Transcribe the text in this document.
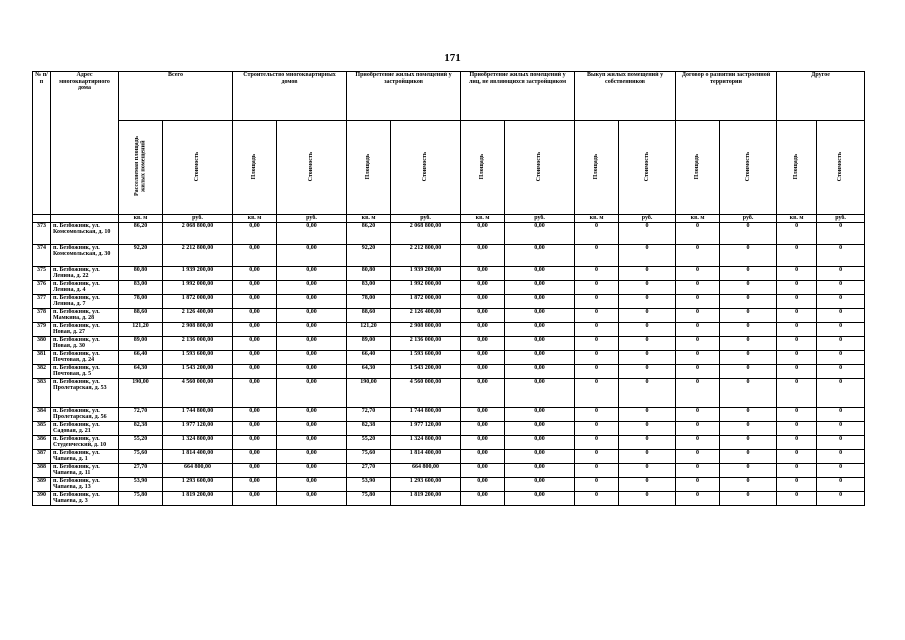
171
№ п/п	Адрес многоквартирного дома	Всего		Строительство многоквартирных домов		Приобретение жилых помещений у застройщиков		Приобретение жилых помещений у лиц, не являющихся застройщиком		Выкуп жилых помещений у собственников		Договор о развитии застроенной территории		Другое	
		Расселяемая площадь жилых помещений	Стоимость	Площадь	Стоимость	Площадь	Стоимость	Площадь	Стоимость	Площадь	Стоимость	Площадь	Стоимость	Площадь	Стоимость
		кв. м	руб.	кв. м	руб.	кв. м	руб.	кв. м	руб.	кв. м	руб.	кв. м	руб.	кв. м	руб.
373	п. Безбожник, ул. Комсомольская, д. 10	86,20	2 068 800,00	0,00	0,00	86,20	2 068 800,00	0,00	0,00	0	0	0	0	0	0
374	п. Безбожник, ул. Комсомольская, д. 30	92,20	2 212 800,00	0,00	0,00	92,20	2 212 800,00	0,00	0,00	0	0	0	0	0	0
375	п. Безбожник, ул. Ленина, д. 22	80,80	1 939 200,00	0,00	0,00	80,80	1 939 200,00	0,00	0,00	0	0	0	0	0	0
376	п. Безбожник, ул. Ленина, д. 4	83,00	1 992 000,00	0,00	0,00	83,00	1 992 000,00	0,00	0,00	0	0	0	0	0	0
377	п. Безбожник, ул. Ленина, д. 7	78,00	1 872 000,00	0,00	0,00	78,00	1 872 000,00	0,00	0,00	0	0	0	0	0	0
378	п. Безбожник, ул. Мамкина, д. 28	88,60	2 126 400,00	0,00	0,00	88,60	2 126 400,00	0,00	0,00	0	0	0	0	0	0
379	п. Безбожник, ул. Новая, д. 27	121,20	2 908 800,00	0,00	0,00	121,20	2 908 800,00	0,00	0,00	0	0	0	0	0	0
380	п. Безбожник, ул. Новая, д. 30	89,00	2 136 000,00	0,00	0,00	89,00	2 136 000,00	0,00	0,00	0	0	0	0	0	0
381	п. Безбожник, ул. Почтовая, д. 24	66,40	1 593 600,00	0,00	0,00	66,40	1 593 600,00	0,00	0,00	0	0	0	0	0	0
382	п. Безбожник, ул. Почтовая, д. 5	64,30	1 543 200,00	0,00	0,00	64,30	1 543 200,00	0,00	0,00	0	0	0	0	0	0
383	п. Безбожник, ул. Пролетарская, д. 53	190,00	4 560 000,00	0,00	0,00	190,00	4 560 000,00	0,00	0,00	0	0	0	0	0	0
384	п. Безбожник, ул. Пролетарская, д. 56	72,70	1 744 800,00	0,00	0,00	72,70	1 744 800,00	0,00	0,00	0	0	0	0	0	0
385	п. Безбожник, ул. Садовая, д. 21	82,38	1 977 120,00	0,00	0,00	82,38	1 977 120,00	0,00	0,00	0	0	0	0	0	0
386	п. Безбожник, ул. Студенческий, д. 10	55,20	1 324 800,00	0,00	0,00	55,20	1 324 800,00	0,00	0,00	0	0	0	0	0	0
387	п. Безбожник, ул. Чапаева, д. 1	75,60	1 814 400,00	0,00	0,00	75,60	1 814 400,00	0,00	0,00	0	0	0	0	0	0
388	п. Безбожник, ул. Чапаева, д. 11	27,70	664 800,00	0,00	0,00	27,70	664 800,00	0,00	0,00	0	0	0	0	0	0
389	п. Безбожник, ул. Чапаева, д. 13	53,90	1 293 600,00	0,00	0,00	53,90	1 293 600,00	0,00	0,00	0	0	0	0	0	0
390	п. Безбожник, ул. Чапаева, д. 3	75,80	1 819 200,00	0,00	0,00	75,80	1 819 200,00	0,00	0,00	0	0	0	0	0	0
